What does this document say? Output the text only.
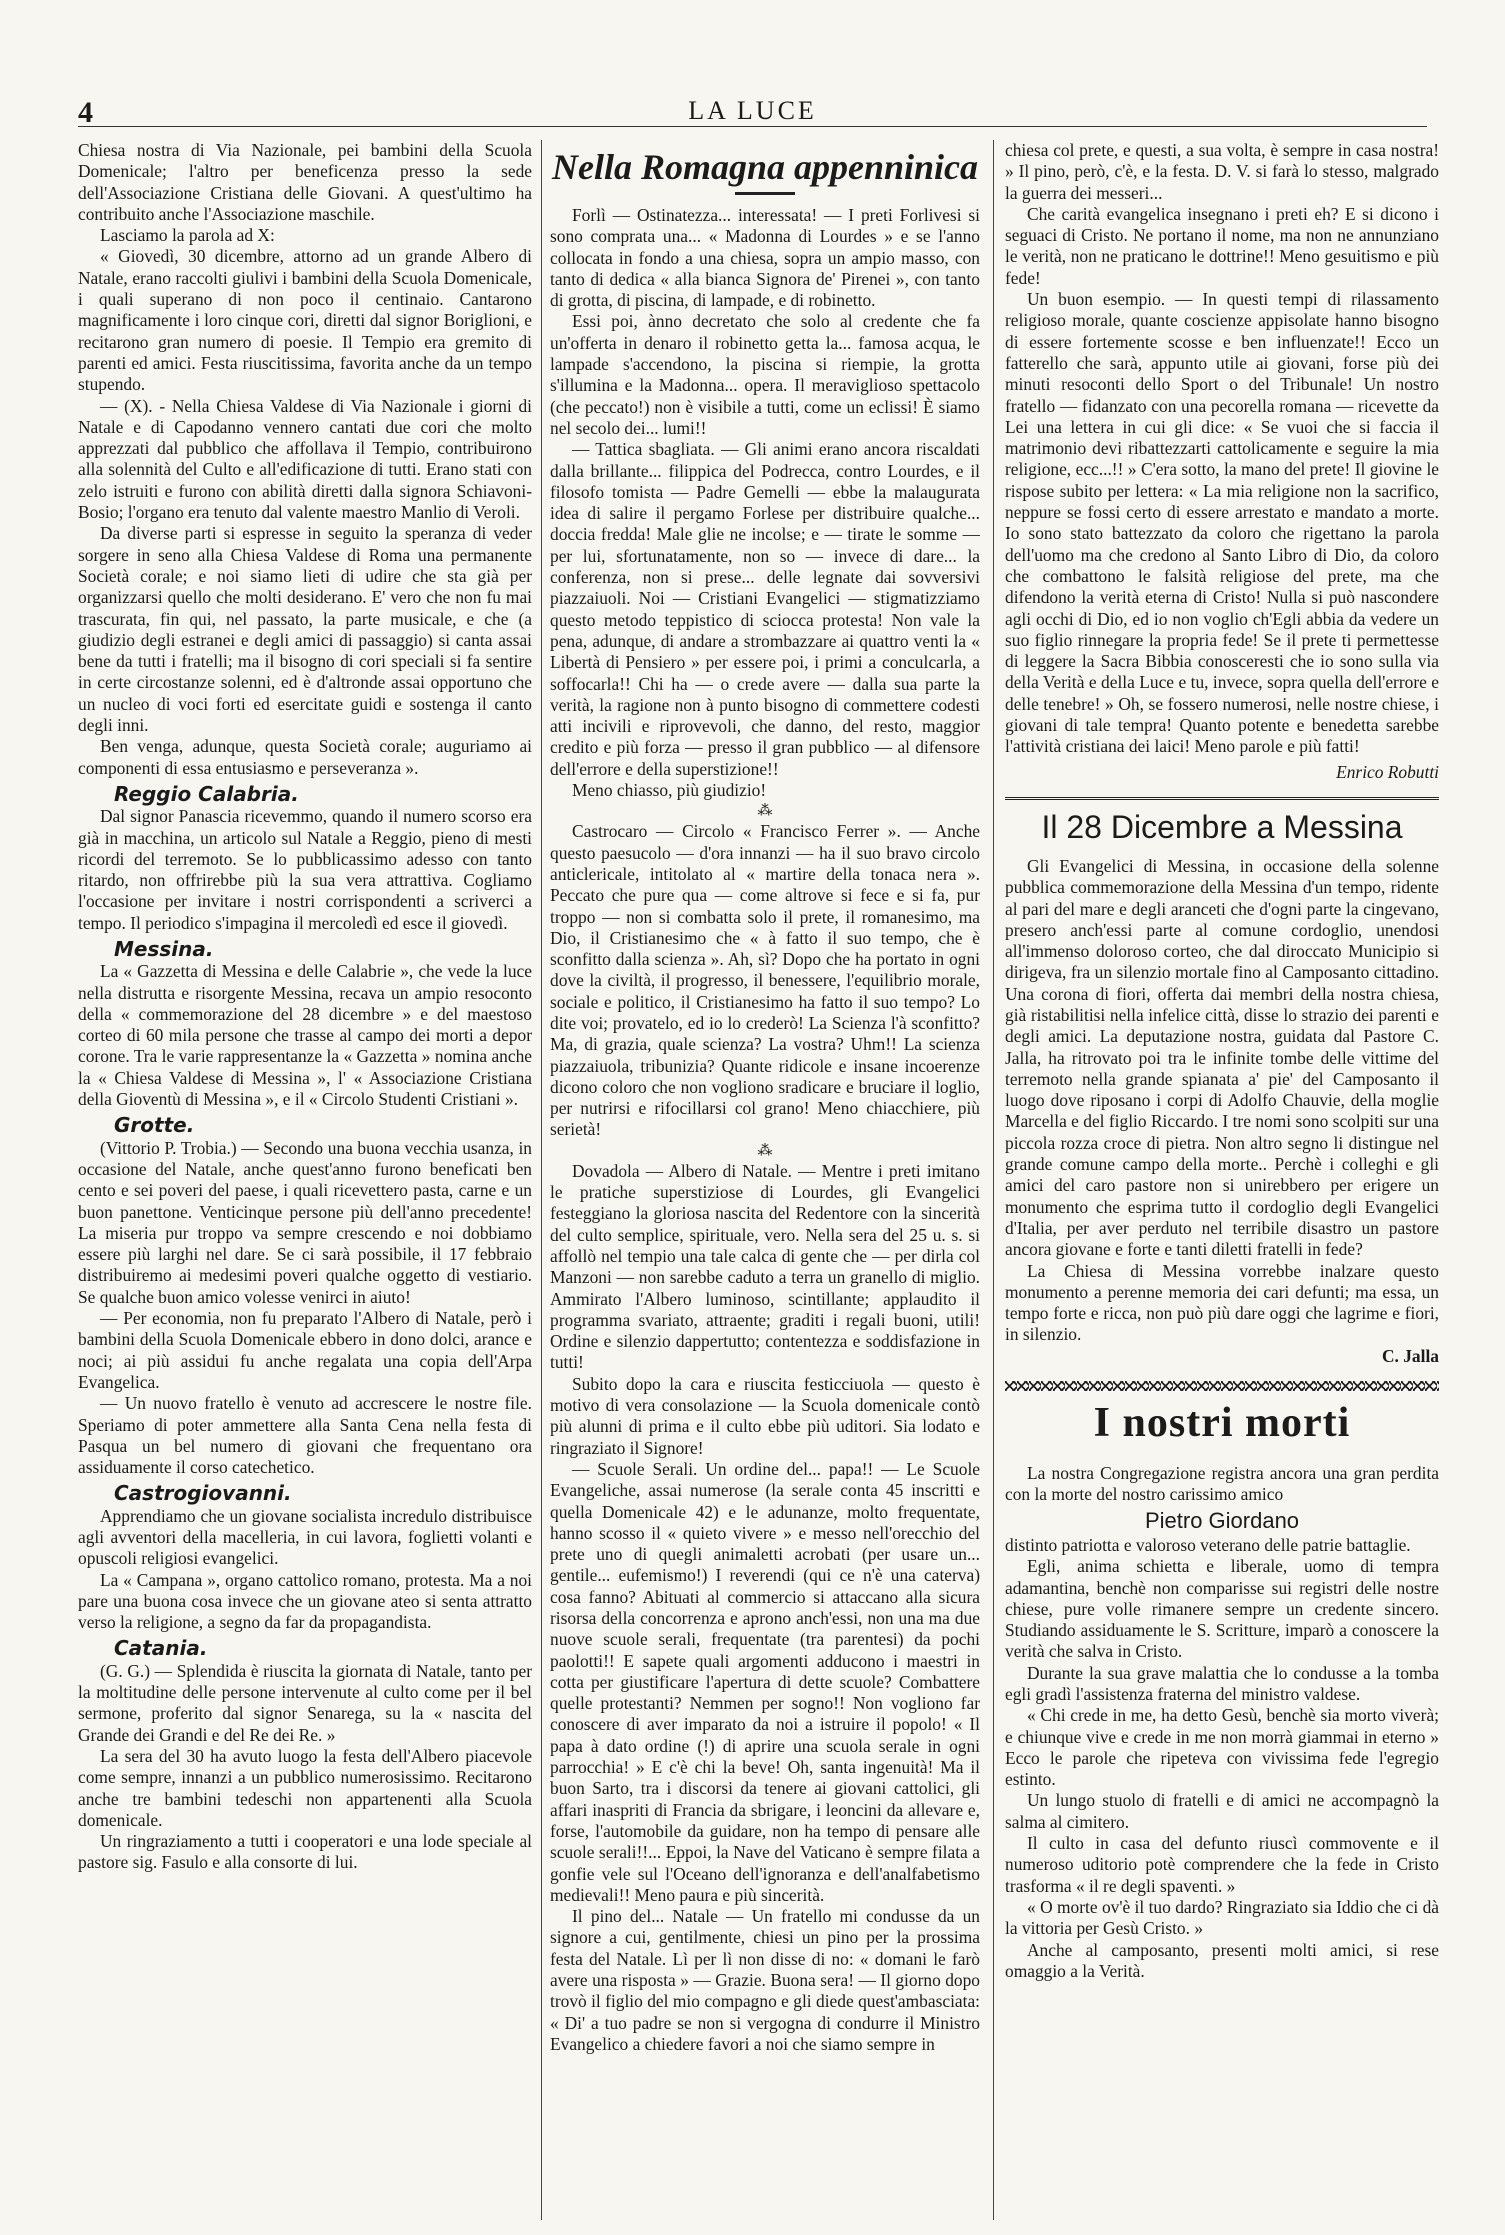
4	LA LUCE

Chiesa nostra di Via Nazionale, pei bambini della Scuola Domenicale; l'altro per beneficenza presso la sede dell'Associazione Cristiana delle Giovani. A quest'ultimo ha contribuito anche l'Associazione maschile.

Lasciamo la parola ad X:

« Giovedì, 30 dicembre, attorno ad un grande Albero di Natale, erano raccolti giulivi i bambini della Scuola Domenicale, i quali superano di non poco il centinaio. Cantarono magnificamente i loro cinque cori, diretti dal signor Boriglioni, e recitarono gran numero di poesie. Il Tempio era gremito di parenti ed amici. Festa riuscitissima, favorita anche da un tempo stupendo.

— (X). - Nella Chiesa Valdese di Via Nazionale i giorni di Natale e di Capodanno vennero cantati due cori che molto apprezzati dal pubblico che affollava il Tempio, contribuirono alla solennità del Culto e all'edificazione di tutti. Erano stati con zelo istruiti e furono con abilità diretti dalla signora Schiavoni-Bosio; l'organo era tenuto dal valente maestro Manlio di Veroli.

Da diverse parti si espresse in seguito la speranza di veder sorgere in seno alla Chiesa Valdese di Roma una permanente Società corale; e noi siamo lieti di udire che sta già per organizzarsi quello che molti desiderano. E' vero che non fu mai trascurata, fin qui, nel passato, la parte musicale, e che (a giudizio degli estranei e degli amici di passaggio) si canta assai bene da tutti i fratelli; ma il bisogno di cori speciali si fa sentire in certe circostanze solenni, ed è d'altronde assai opportuno che un nucleo di voci forti ed esercitate guidi e sostenga il canto degli inni.

Ben venga, adunque, questa Società corale; auguriamo ai componenti di essa entusiasmo e perseveranza ».

Reggio Calabria.

Dal signor Panascia ricevemmo, quando il numero scorso era già in macchina, un articolo sul Natale a Reggio, pieno di mesti ricordi del terremoto. Se lo pubblicassimo adesso con tanto ritardo, non offrirebbe più la sua vera attrattiva. Cogliamo l'occasione per invitare i nostri corrispondenti a scriverci a tempo. Il periodico s'impagina il mercoledì ed esce il giovedì.

Messina.

La « Gazzetta di Messina e delle Calabrie », che vede la luce nella distrutta e risorgente Messina, recava un ampio resoconto della « commemorazione del 28 dicembre » e del maestoso corteo di 60 mila persone che trasse al campo dei morti a depor corone. Tra le varie rappresentanze la « Gazzetta » nomina anche la « Chiesa Valdese di Messina », l' « Associazione Cristiana della Gioventù di Messina », e il « Circolo Studenti Cristiani ».

Grotte.

(Vittorio P. Trobia.) — Secondo una buona vecchia usanza, in occasione del Natale, anche quest'anno furono beneficati ben cento e sei poveri del paese, i quali ricevettero pasta, carne e un buon panettone. Venticinque persone più dell'anno precedente! La miseria pur troppo va sempre crescendo e noi dobbiamo essere più larghi nel dare. Se ci sarà possibile, il 17 febbraio distribuiremo ai medesimi poveri qualche oggetto di vestiario. Se qualche buon amico volesse venirci in aiuto!

— Per economia, non fu preparato l'Albero di Natale, però i bambini della Scuola Domenicale ebbero in dono dolci, arance e noci; ai più assidui fu anche regalata una copia dell'Arpa Evangelica.

— Un nuovo fratello è venuto ad accrescere le nostre file. Speriamo di poter ammettere alla Santa Cena nella festa di Pasqua un bel numero di giovani che frequentano ora assiduamente il corso catechetico.

Castrogiovanni.

Apprendiamo che un giovane socialista incredulo distribuisce agli avventori della macelleria, in cui lavora, foglietti volanti e opuscoli religiosi evangelici.

La « Campana », organo cattolico romano, protesta. Ma a noi pare una buona cosa invece che un giovane ateo si senta attratto verso la religione, a segno da far da propagandista.

Catania.

(G. G.) — Splendida è riuscita la giornata di Natale, tanto per la moltitudine delle persone intervenute al culto come per il bel sermone, proferito dal signor Senarega, su la « nascita del Grande dei Grandi e del Re dei Re. »

La sera del 30 ha avuto luogo la festa dell'Albero piacevole come sempre, innanzi a un pubblico numerosissimo. Recitarono anche tre bambini tedeschi non appartenenti alla Scuola domenicale.

Un ringraziamento a tutti i cooperatori e una lode speciale al pastore sig. Fasulo e alla consorte di lui.

Nella Romagna appenninica

Forlì — Ostinatezza... interessata! — I preti Forlivesi si sono comprata una... « Madonna di Lourdes » e se l'anno collocata in fondo a una chiesa, sopra un ampio masso, con tanto di dedica « alla bianca Signora de' Pirenei », con tanto di grotta, di piscina, di lampade, e di robinetto.

Essi poi, ànno decretato che solo al credente che fa un'offerta in denaro il robinetto getta la... famosa acqua, le lampade s'accendono, la piscina si riempie, la grotta s'illumina e la Madonna... opera. Il meraviglioso spettacolo (che peccato!) non è visibile a tutti, come un eclissi! È siamo nel secolo dei... lumi!!

— Tattica sbagliata. — Gli animi erano ancora riscaldati dalla brillante... filippica del Podrecca, contro Lourdes, e il filosofo tomista — Padre Gemelli — ebbe la malaugurata idea di salire il pergamo Forlese per distribuire qualche... doccia fredda! Male glie ne incolse; e — tirate le somme — per lui, sfortunatamente, non so — invece di dare... la conferenza, non si prese... delle legnate dai sovversivi piazzaiuoli. Noi — Cristiani Evangelici — stigmatizziamo questo metodo teppistico di sciocca protesta! Non vale la pena, adunque, di andare a strombazzare ai quattro venti la « Libertà di Pensiero » per essere poi, i primi a conculcarla, a soffocarla!! Chi ha — o crede avere — dalla sua parte la verità, la ragione non à punto bisogno di commettere codesti atti incivili e riprovevoli, che danno, del resto, maggior credito e più forza — presso il gran pubblico — al difensore dell'errore e della superstizione!!

Meno chiasso, più giudizio!

⁂

Castrocaro — Circolo « Francisco Ferrer ». — Anche questo paesucolo — d'ora innanzi — ha il suo bravo circolo anticlericale, intitolato al « martire della tonaca nera ». Peccato che pure qua — come altrove si fece e si fa, pur troppo — non si combatta solo il prete, il romanesimo, ma Dio, il Cristianesimo che « à fatto il suo tempo, che è sconfitto dalla scienza ». Ah, sì? Dopo che ha portato in ogni dove la civiltà, il progresso, il benessere, l'equilibrio morale, sociale e politico, il Cristianesimo ha fatto il suo tempo? Lo dite voi; provatelo, ed io lo crederò! La Scienza l'à sconfitto? Ma, di grazia, quale scienza? La vostra? Uhm!! La scienza piazzaiuola, tribunizia? Quante ridicole e insane incoerenze dicono coloro che non vogliono sradicare e bruciare il loglio, per nutrirsi e rifocillarsi col grano! Meno chiacchiere, più serietà!

⁂

Dovadola — Albero di Natale. — Mentre i preti imitano le pratiche superstiziose di Lourdes, gli Evangelici festeggiano la gloriosa nascita del Redentore con la sincerità del culto semplice, spirituale, vero. Nella sera del 25 u. s. si affollò nel tempio una tale calca di gente che — per dirla col Manzoni — non sarebbe caduto a terra un granello di miglio. Ammirato l'Albero luminoso, scintillante; applaudito il programma svariato, attraente; graditi i regali buoni, utili! Ordine e silenzio dappertutto; contentezza e soddisfazione in tutti!

Subito dopo la cara e riuscita festicciuola — questo è motivo di vera consolazione — la Scuola domenicale contò più alunni di prima e il culto ebbe più uditori. Sia lodato e ringraziato il Signore!

— Scuole Serali. Un ordine del... papa!! — Le Scuole Evangeliche, assai numerose (la serale conta 45 inscritti e quella Domenicale 42) e le adunanze, molto frequentate, hanno scosso il « quieto vivere » e messo nell'orecchio del prete uno di quegli animaletti acrobati (per usare un... gentile... eufemismo!) I reverendi (qui ce n'è una caterva) cosa fanno? Abituati al commercio si attaccano alla sicura risorsa della concorrenza e aprono anch'essi, non una ma due nuove scuole serali, frequentate (tra parentesi) da pochi paolotti!! E sapete quali argomenti adducono i maestri in cotta per giustificare l'apertura di dette scuole? Combattere quelle protestanti? Nemmen per sogno!! Non vogliono far conoscere di aver imparato da noi a istruire il popolo! « Il papa à dato ordine (!) di aprire una scuola serale in ogni parrocchia! » E c'è chi la beve! Oh, santa ingenuità! Ma il buon Sarto, tra i discorsi da tenere ai giovani cattolici, gli affari inaspriti di Francia da sbrigare, i leoncini da allevare e, forse, l'automobile da guidare, non ha tempo di pensare alle scuole serali!!... Eppoi, la Nave del Vaticano è sempre filata a gonfie vele sul l'Oceano dell'ignoranza e dell'analfabetismo medievali!! Meno paura e più sincerità.

Il pino del... Natale — Un fratello mi condusse da un signore a cui, gentilmente, chiesi un pino per la prossima festa del Natale. Lì per lì non disse di no: « domani le farò avere una risposta » — Grazie. Buona sera! — Il giorno dopo trovò il figlio del mio compagno e gli diede quest'ambasciata: « Di' a tuo padre se non si vergogna di condurre il Ministro Evangelico a chiedere favori a noi che siamo sempre in

chiesa col prete, e questi, a sua volta, è sempre in casa nostra! » Il pino, però, c'è, e la festa. D. V. si farà lo stesso, malgrado la guerra dei messeri...

Che carità evangelica insegnano i preti eh? E si dicono i seguaci di Cristo. Ne portano il nome, ma non ne annunziano le verità, non ne praticano le dottrine!! Meno gesuitismo e più fede!

Un buon esempio. — In questi tempi di rilassamento religioso morale, quante coscienze appisolate hanno bisogno di essere fortemente scosse e ben influenzate!! Ecco un fatterello che sarà, appunto utile ai giovani, forse più dei minuti resoconti dello Sport o del Tribunale! Un nostro fratello — fidanzato con una pecorella romana — ricevette da Lei una lettera in cui gli dice: « Se vuoi che si faccia il matrimonio devi ribattezzarti cattolicamente e seguire la mia religione, ecc...!! » C'era sotto, la mano del prete! Il giovine le rispose subito per lettera: « La mia religione non la sacrifico, neppure se fossi certo di essere arrestato e mandato a morte. Io sono stato battezzato da coloro che rigettano la parola dell'uomo ma che credono al Santo Libro di Dio, da coloro che combattono le falsità religiose del prete, ma che difendono la verità eterna di Cristo! Nulla si può nascondere agli occhi di Dio, ed io non voglio ch'Egli abbia da vedere un suo figlio rinnegare la propria fede! Se il prete ti permettesse di leggere la Sacra Bibbia conosceresti che io sono sulla via della Verità e della Luce e tu, invece, sopra quella dell'errore e delle tenebre! » Oh, se fossero numerosi, nelle nostre chiese, i giovani di tale tempra! Quanto potente e benedetta sarebbe l'attività cristiana dei laici! Meno parole e più fatti!

Enrico Robutti
Il 28 Dicembre a Messina

Gli Evangelici di Messina, in occasione della solenne pubblica commemorazione della Messina d'un tempo, ridente al pari del mare e degli aranceti che d'ogni parte la cingevano, presero anch'essi parte al comune cordoglio, unendosi all'immenso doloroso corteo, che dal diroccato Municipio si dirigeva, fra un silenzio mortale fino al Camposanto cittadino. Una corona di fiori, offerta dai membri della nostra chiesa, già ristabilitisi nella infelice città, disse lo strazio dei parenti e degli amici. La deputazione nostra, guidata dal Pastore C. Jalla, ha ritrovato poi tra le infinite tombe delle vittime del terremoto nella grande spianata a' pie' del Camposanto il luogo dove riposano i corpi di Adolfo Chauvie, della moglie Marcella e del figlio Riccardo. I tre nomi sono scolpiti sur una piccola rozza croce di pietra. Non altro segno li distingue nel grande comune campo della morte.. Perchè i colleghi e gli amici del caro pastore non si unirebbero per erigere un monumento che esprima tutto il cordoglio degli Evangelici d'Italia, per aver perduto nel terribile disastro un pastore ancora giovane e forte e tanti diletti fratelli in fede?

La Chiesa di Messina vorrebbe inalzare questo monumento a perenne memoria dei cari defunti; ma essa, un tempo forte e ricca, non può più dare oggi che lagrime e fiori, in silenzio.

C. Jalla
I nostri morti

La nostra Congregazione registra ancora una gran perdita con la morte del nostro carissimo amico

Pietro Giordano

distinto patriotta e valoroso veterano delle patrie battaglie.

Egli, anima schietta e liberale, uomo di tempra adamantina, benchè non comparisse sui registri delle nostre chiese, pure volle rimanere sempre un credente sincero. Studiando assiduamente le S. Scritture, imparò a conoscere la verità che salva in Cristo.

Durante la sua grave malattia che lo condusse a la tomba egli gradì l'assistenza fraterna del ministro valdese.

« Chi crede in me, ha detto Gesù, benchè sia morto viverà; e chiunque vive e crede in me non morrà giammai in eterno » Ecco le parole che ripeteva con vivissima fede l'egregio estinto.

Un lungo stuolo di fratelli e di amici ne accompagnò la salma al cimitero.

Il culto in casa del defunto riuscì commovente e il numeroso uditorio potè comprendere che la fede in Cristo trasforma « il re degli spaventi. »

« O morte ov'è il tuo dardo? Ringraziato sia Iddio che ci dà la vittoria per Gesù Cristo. »

Anche al camposanto, presenti molti amici, si rese omaggio a la Verità.
